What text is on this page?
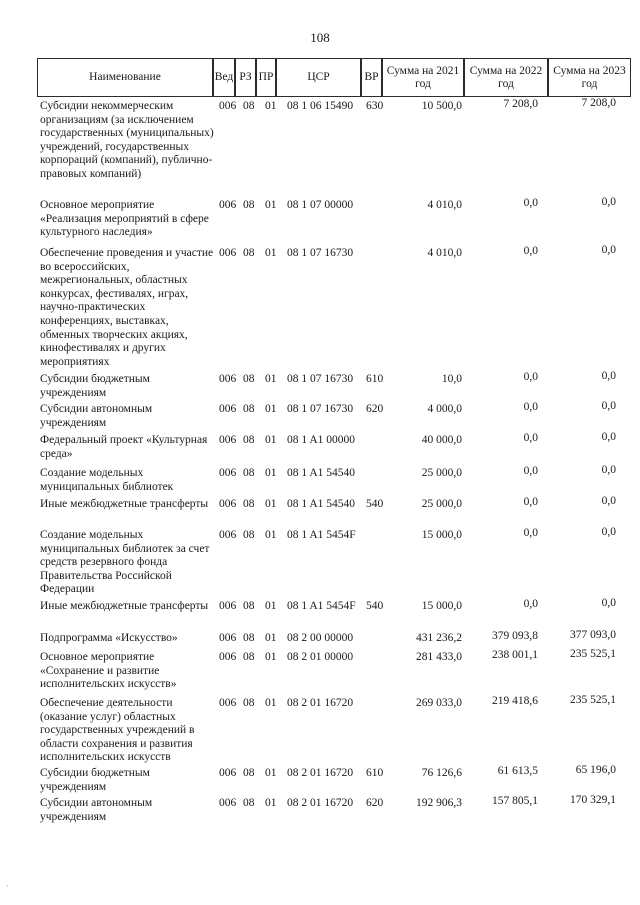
108
Наименование	Вед РЗ ПР	ЦСР	ВР
Сумма на 2021 год
Сумма на 2022 год
Сумма на 2023 год
Субсидии некоммерческим организациям (за исключением государственных (муниципальных) учреждений, государственных корпораций (компаний), публично-правовых компаний)
006 08 01 08 1 06 15490	630	10 500,0	7 208,0	7 208,0
Основное мероприятие «Реализация мероприятий в сфере культурного наследия»
006 08 01 08 1 07 00000	4 010,0	0,0	0,0
Обеспечение проведения и участие во всероссийских, межрегиональных, областных конкурсах, фестивалях, играх, научно-практических конференциях, выставках, обменных творческих акциях, кинофестивалях и других мероприятиях
006 08 01 08 1 07 16730	4 010,0	0,0	0,0
Субсидии бюджетным учреждениям
006 08 01 08 1 07 16730	610	10,0	0,0	0,0
Субсидии автономным учреждениям
006 08 01 08 1 07 16730	620	4 000,0	0,0	0,0
Федеральный проект «Культурная среда»
006 08 01 08 1 A1 00000	40 000,0	0,0	0,0
Создание модельных муниципальных библиотек
006 08 01 08 1 A1 54540	25 000,0	0,0	0,0
Иные межбюджетные трансферты 006 08 01 08 1 A1 54540 540	25 000,0	0,0	0,0
Создание модельных муниципальных библиотек за счет средств резервного фонда Правительства Российской Федерации
006 08 01 08 1 A1 5454F	15 000,0	0,0	0,0
Иные межбюджетные трансферты 006 08 01 08 1 A1 5454F 540	15 000,0	0,0	0,0
Подпрограмма «Искусство»	006 08 01 08 2 00 00000	431 236,2	379 093,8	377 093,0
Основное мероприятие «Сохранение и развитие исполнительских искусств»
006 08 01 08 2 01 00000	281 433,0	238 001,1	235 525,1
Обеспечение деятельности (оказание услуг) областных государственных учреждений в области сохранения и развития исполнительских искусств
006 08 01 08 2 01 16720	269 033,0	219 418,6	235 525,1
Субсидии бюджетным учреждениям
006 08 01 08 2 01 16720	610	76 126,6	61 613,5	65 196,0
Субсидии автономным учреждениям
006 08 01 08 2 01 16720	620	192 906,3	157 805,1	170 329,1
·
